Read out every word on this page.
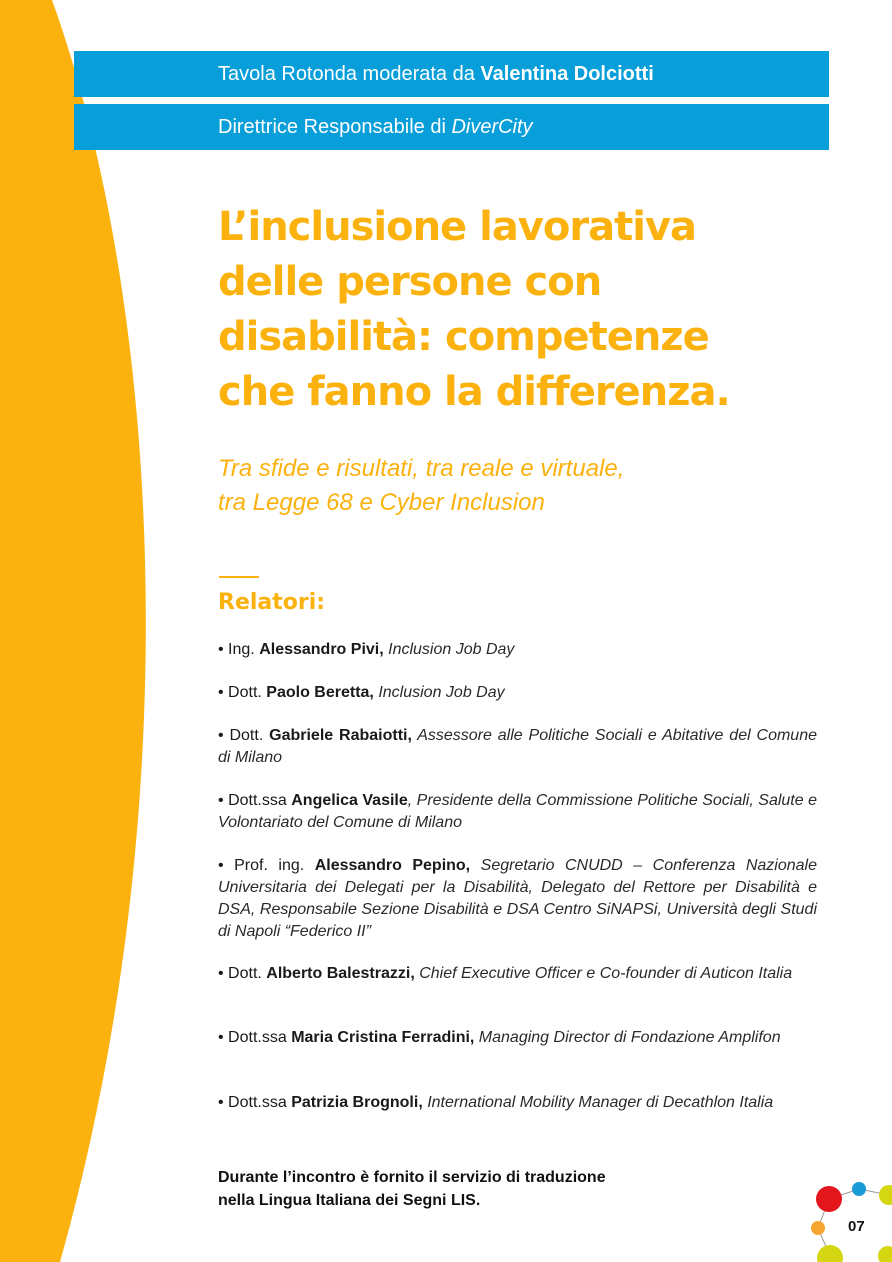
Tavola Rotonda moderata da Valentina Dolciotti
Direttrice Responsabile di DiverCity
L’inclusione lavorativa
delle persone con
disabilità: competenze
che fanno la differenza.

Tra sfide e risultati, tra reale e virtuale,
tra Legge 68 e Cyber Inclusion

Relatori:

• Ing. Alessandro Pivi, Inclusion Job Day

• Dott. Paolo Beretta, Inclusion Job Day

• Dott. Gabriele Rabaiotti, Assessore alle Politiche Sociali e Abitative del Comune di Milano

• Dott.ssa Angelica Vasile, Presidente della Commissione Politiche Sociali, Salute e Volontariato del Comune di Milano

• Prof. ing. Alessandro Pepino, Segretario CNUDD – Conferenza Nazionale Universitaria dei Delegati per la Disabilità, Delegato del Rettore per Disabilità e DSA, Responsabile Sezione Disabilità e DSA Centro SiNAPSi, Università degli Studi di Napoli “Federico II”

• Dott. Alberto Balestrazzi, Chief Executive Officer e Co-founder di Auticon Italia

• Dott.ssa Maria Cristina Ferradini, Managing Director di Fondazione Amplifon

• Dott.ssa Patrizia Brognoli, International Mobility Manager di Decathlon Italia

Durante l’incontro è fornito il servizio di traduzione
nella Lingua Italiana dei Segni LIS.

07
